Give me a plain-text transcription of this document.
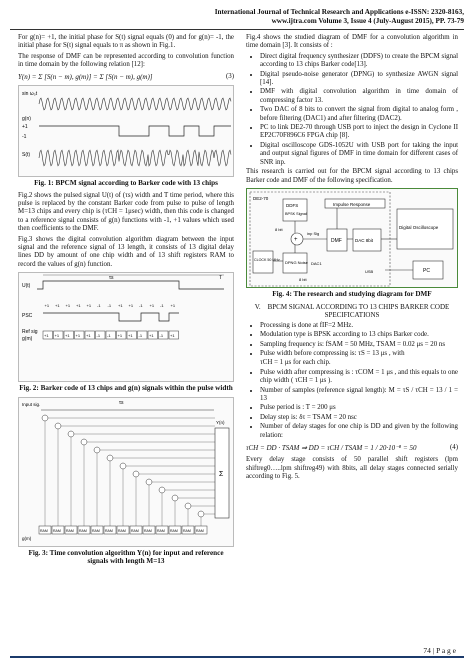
International Journal of Technical Research and Applications e-ISSN: 2320-8163,
www.ijtra.com Volume 3, Issue 4 (July-August 2015), PP. 73-79

For g(n)= +1, the initial phase for S(t) signal equals (0) and for g(n)= -1, the initial phase for S(t) signal equals to π as shown in Fig.1.

The response of DMF can be represented according to convolution function in time domain by the following relation [12]:

Y(n) = Σ [S(n − m), g(m)] = Σ [S(n − m), g(m)]	(3)
sin ω₀t
g(n)
+1
-1
S(t)
Fig. 1: BPCM signal according to Barker code with 13 chips

Fig.2 shows the pulsed signal U(t) of (τs) width and T time period, where this pulse is replaced by the constant Barker code from pulse to pulse of length M=13 chips and every chip is (τCH = 1μsec) width, then this code is changed to a reference signal consists of g(n) functions with -1, +1 values which used then coefficients to the DMF.

Fig.3 shows the digital convolution algorithm diagram between the input signal and the reference signal of 13 length, it consists of 13 digital delay lines DD by amount of one chip width and of 13 shift registers RAM to record the values of g(n) function.

U(t)
τs	T
PSC
+1 +1 +1 +1 +1 -1 -1 +1 +1 -1 +1 -1 +1
Ref sig
g(m)
+1 +1 +1 +1 +1 -1 -1 +1 +1 -1 +1 -1 +1
Fig. 2: Barker code of 13 chips and g(n) signals within the pulse width
Input sig.	τs
Σ
Y(n)
RAM RAM RAM RAM RAM RAM RAM RAM RAM RAM RAM RAM RAM
g(m)
Fig. 3: Time convolution algorithm Y(n) for input and reference signals with length M=13

Fig.4 shows the studied diagram of DMF for a convolution algorithm in time domain [3]. It consists of :

• Direct digital frequency synthesizer (DDFS) to create the BPCM signal according to 13 chips Barker code[13].
• Digital pseudo-noise generator (DPNG) to synthesize AWGN signal [14].
• DMF with digital convolution algorithm in time domain of compressing factor 13.
• Two DAC of 8 bits to convert the signal from digital to analog form , before filtering (DAC1) and after filtering (DAC2).
• PC to link DE2-70 through USB port to inject the design in Cyclone II EP2C70F896C6 FPGA chip [8].
• Digital oscilloscope GDS-1052U with USB port for taking the input and output signal figures of DMF in time domain for different cases of SNR inp.

This research is carried out for the BPCM signal according to 13 chips Barker code and DMF of the following specification.

DE2-70
DDFS
BPSK Signal
8 bit
Impulse Response
+
inp Sig
DMF	DAC 8bit
CLOCK 50 MHz DPNG Noise
8 bit
DAC1
USB
Digital Oscilloscope
PC
Fig. 4: The research and studying diagram for DMF
V. BPCM SIGNAL ACCORDING TO 13 CHIPS BARKER CODE SPECIFICATIONS
• Processing is done at fIF=2 MHz.
• Modulation type is BPSK according to 13 chips Barker code.
• Sampling frequency is: fSAM = 50 MHz, TSAM = 0.02 μs = 20 ns
• Pulse width before compressing is: τS = 13 μs , with
τCH = 1 μs for each chip.
• Pulse width after compressing is : τCOM = 1 μs , and this equals to one chip width ( τCH = 1 μs ).
• Number of samples (reference signal length): M = τS / τCH = 13 / 1 = 13
• Pulse period is : T = 200 μs
• Delay step is: δτ = TSAM = 20 nsc
• Number of delay stages for one chip is DD and given by the following relation:
τCH = DD · TSAM ⇒ DD = τCH / TSAM = 1 / 20·10⁻⁸ = 50	(4)

Every delay stage consists of 50 parallel shift registers (lpm shiftreg0…..lpm shiftreg49) with 8bits, all delay stages connected serially according to Fig. 5.

74 | P a g e
